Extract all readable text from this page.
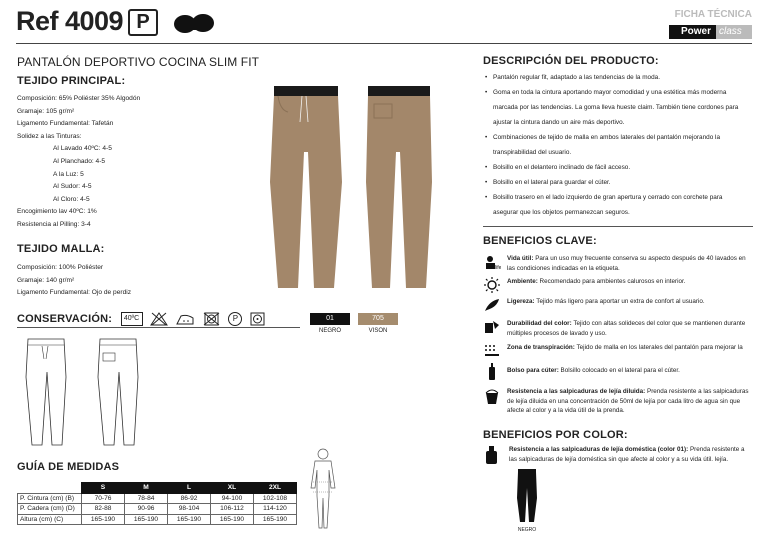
Ref 4009 P	FICHA TÉCNICA
Power class
PANTALÓN DEPORTIVO COCINA SLIM FIT
TEJIDO PRINCIPAL:
Composición: 65% Poliéster 35% Algodón
Gramaje: 105 gr/m²
Ligamento Fundamental: Tafetán
Solidez a las Tinturas:
Al Lavado 40ºC: 4-5
Al Planchado: 4-5
A la Luz: 5
Al Sudor: 4-5
Al Cloro: 4-5
Encogimiento lav 40ºC: 1%
Resistencia al Pilling: 3-4
TEJIDO MALLA:
Composición: 100% Poliéster
Gramaje: 140 gr/m²
Ligamento Fundamental: Ojo de perdiz
CONSERVACIÓN: 40ºC	P
GUÍA DE MEDIDAS
	S	M	L	XL	2XL
P. Cintura (cm) (B)	70-76	78-84	86-92	94-100	102-108
P. Cadera (cm) (D)	82-88	90-96	98-104	106-112	114-120
Altura (cm) (C)	165-190	165-190	165-190	165-190	165-190
01	705
NEGRO	VISON
DESCRIPCIÓN DEL PRODUCTO:
• Pantalón regular fit, adaptado a las tendencias de la moda.
• Goma en toda la cintura aportando mayor comodidad y una estética más moderna
marcada por las tendencias. La goma lleva hueste claim. También tiene cordones para
ajustar la cintura dando un aire más deportivo.
• Combinaciones de tejido de malla en ambos laterales del pantalón mejorando la
transpirabilidad del usuario.
• Bolsillo en el delantero inclinado de fácil acceso.
• Bolsillo en el lateral para guardar el cúter.
• Bolsillo trasero en el lado izquierdo de gran apertura y cerrado con corchete para
asegurar que los objetos permanezcan seguros.
BENEFICIOS CLAVE:
life
Vida útil: Para un uso muy frecuente conserva su aspecto después de 40 lavados en las condiciones indicadas en la etiqueta.
Ambiente: Recomendado para ambientes calurosos en interior.
Ligereza: Tejido más ligero para aportar un extra de confort al usuario.
Durabilidad del color: Tejido con altas solideces del color que se mantienen durante múltiples procesos de lavado y uso.
Zona de transpiración: Tejido de malla en los laterales del pantalón para mejorar la
Bolso para cúter: Bolsillo colocado en el lateral para el cúter.
Resistencia a las salpicaduras de lejía diluida: Prenda resistente a las salpicaduras de lejía diluida en una concentración de 50ml de lejía por cada litro de agua sin que afecte al color y a la vida útil de la prenda.
BENEFICIOS POR COLOR:
Resistencia a las salpicaduras de lejía doméstica (color 01): Prenda resistente a las salpicaduras de lejía doméstica sin que afecte al color y a su vida útil. lejía.
NEGRO
